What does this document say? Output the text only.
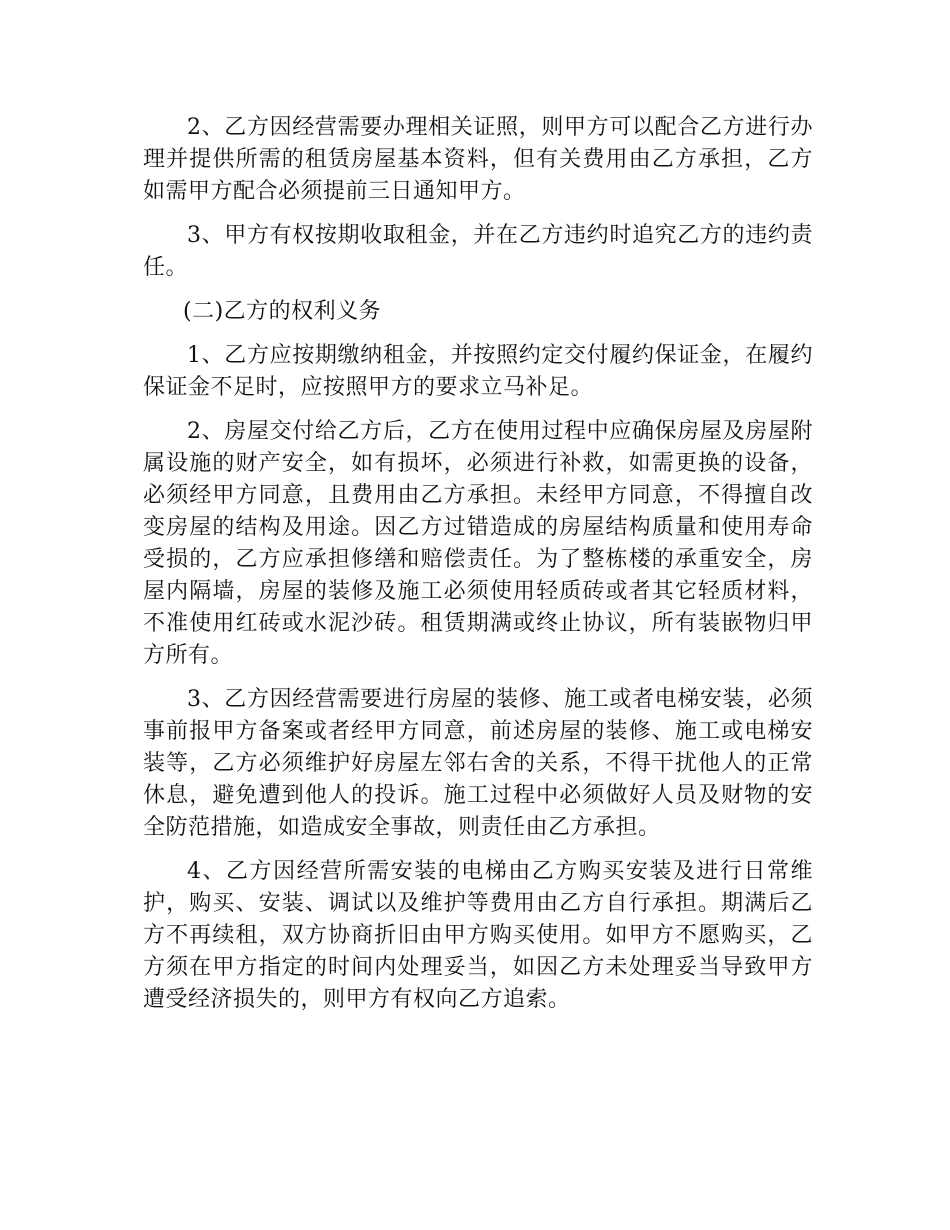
2、乙方因经营需要办理相关证照，则甲方可以配合乙方进行办理并提供所需的租赁房屋基本资料，但有关费用由乙方承担，乙方如需甲方配合必须提前三日通知甲方。

3、甲方有权按期收取租金，并在乙方违约时追究乙方的违约责任。

(二)乙方的权利义务

1、乙方应按期缴纳租金，并按照约定交付履约保证金，在履约保证金不足时，应按照甲方的要求立马补足。

2、房屋交付给乙方后，乙方在使用过程中应确保房屋及房屋附属设施的财产安全，如有损坏，必须进行补救，如需更换的设备，必须经甲方同意，且费用由乙方承担。未经甲方同意，不得擅自改变房屋的结构及用途。因乙方过错造成的房屋结构质量和使用寿命受损的，乙方应承担修缮和赔偿责任。为了整栋楼的承重安全，房屋内隔墙，房屋的装修及施工必须使用轻质砖或者其它轻质材料，不准使用红砖或水泥沙砖。租赁期满或终止协议，所有装嵌物归甲方所有。

3、乙方因经营需要进行房屋的装修、施工或者电梯安装，必须事前报甲方备案或者经甲方同意，前述房屋的装修、施工或电梯安装等，乙方必须维护好房屋左邻右舍的关系，不得干扰他人的正常休息，避免遭到他人的投诉。施工过程中必须做好人员及财物的安全防范措施，如造成安全事故，则责任由乙方承担。

4、乙方因经营所需安装的电梯由乙方购买安装及进行日常维护，购买、安装、调试以及维护等费用由乙方自行承担。期满后乙方不再续租，双方协商折旧由甲方购买使用。如甲方不愿购买，乙方须在甲方指定的时间内处理妥当，如因乙方未处理妥当导致甲方遭受经济损失的，则甲方有权向乙方追索。
